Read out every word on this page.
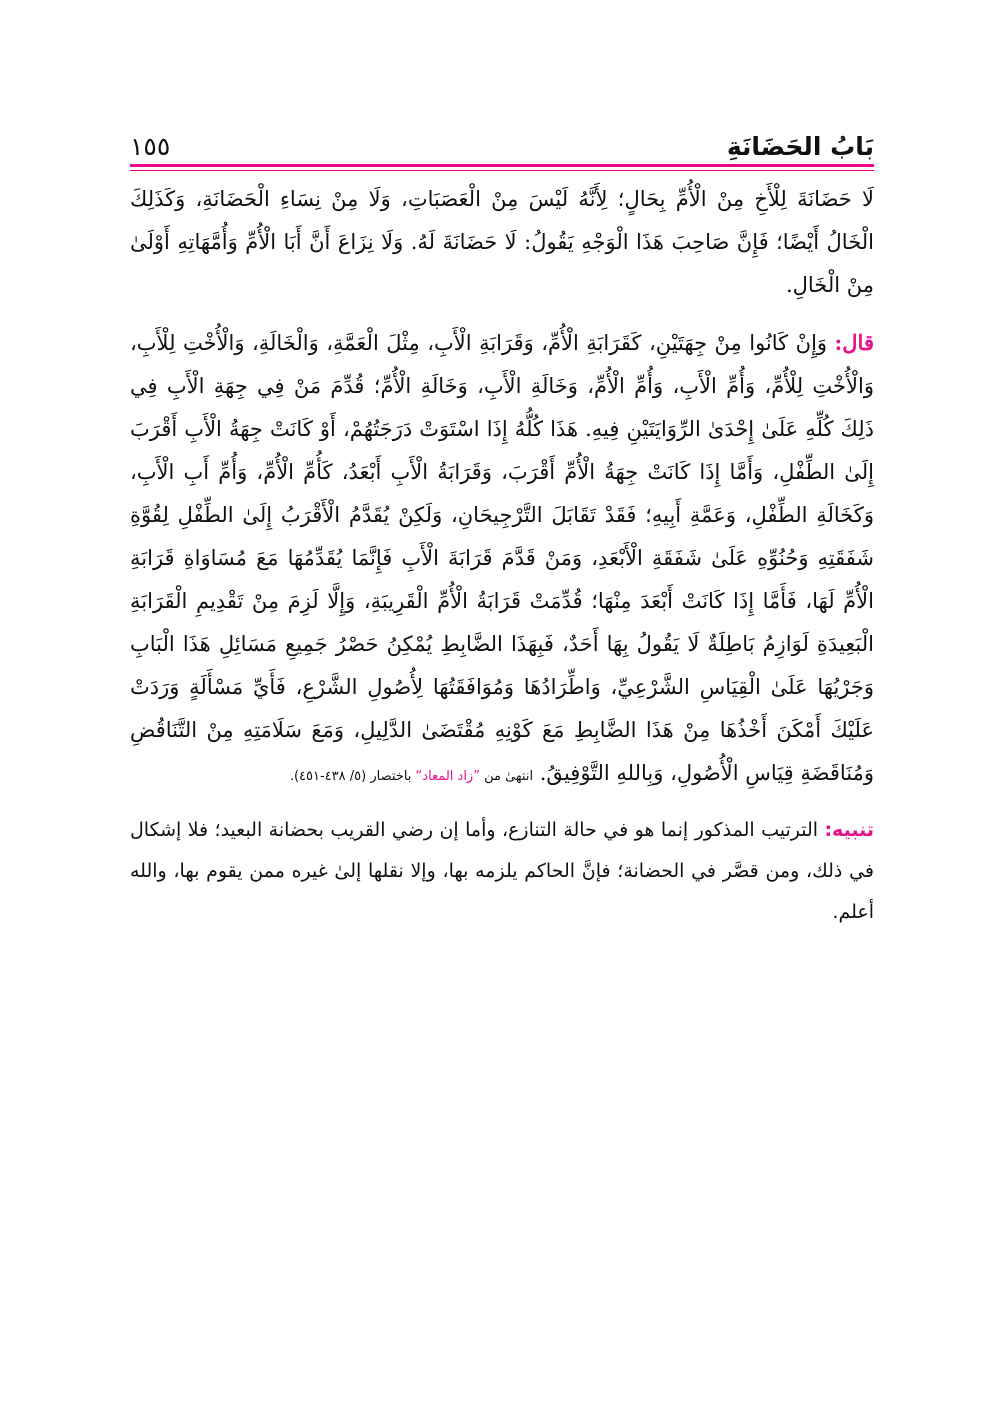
بَابُ الحَضَانَةِ
١٥٥

لَا حَضَانَةَ لِلْأَخِ مِنْ الْأُمِّ بِحَالٍ؛ لِأَنَّهُ لَيْسَ مِنْ الْعَصَبَاتِ، وَلَا مِنْ نِسَاءِ الْحَضَانَةِ، وَكَذَلِكَ الْخَالُ أَيْضًا؛ فَإِنَّ صَاحِبَ هَذَا الْوَجْهِ يَقُولُ: لَا حَضَانَةَ لَهُ. وَلَا نِزَاعَ أَنَّ أَبَا الْأُمِّ وَأُمَّهَاتِهِ أَوْلَىٰ مِنْ الْخَالِ.

قال: وَإِنْ كَانُوا مِنْ جِهَتَيْنِ، كَقَرَابَةِ الْأُمِّ، وَقَرَابَةِ الْأَبِ، مِثْلَ الْعَمَّةِ، وَالْخَالَةِ، وَالْأُخْتِ لِلْأَبِ، وَالْأُخْتِ لِلْأُمِّ، وَأُمِّ الْأَبِ، وَأُمِّ الْأُمِّ، وَخَالَةِ الْأَبِ، وَخَالَةِ الْأُمِّ؛ قُدِّمَ مَنْ فِي جِهَةِ الْأَبِ فِي ذَلِكَ كُلِّهِ عَلَىٰ إِحْدَىٰ الرِّوَايَتَيْنِ فِيهِ. هَذَا كُلُّهُ إِذَا اسْتَوَتْ دَرَجَتُهُمْ، أَوْ كَانَتْ جِهَةُ الْأَبِ أَقْرَبَ إِلَىٰ الطِّفْلِ، وَأَمَّا إِذَا كَانَتْ جِهَةُ الْأُمِّ أَقْرَبَ، وَقَرَابَةُ الْأَبِ أَبْعَدُ، كَأُمِّ الْأُمِّ، وَأُمِّ أَبِ الْأَبِ، وَكَخَالَةِ الطِّفْلِ، وَعَمَّةِ أَبِيهِ؛ فَقَدْ تَقَابَلَ التَّرْجِيحَانِ، وَلَكِنْ يُقَدَّمُ الْأَقْرَبُ إِلَىٰ الطِّفْلِ لِقُوَّةِ شَفَقَتِهِ وَحُنُوِّهِ عَلَىٰ شَفَقَةِ الْأَبْعَدِ، وَمَنْ قَدَّمَ قَرَابَةَ الْأَبِ فَإِنَّمَا يُقَدِّمُهَا مَعَ مُسَاوَاةِ قَرَابَةِ الْأُمِّ لَهَا، فَأَمَّا إِذَا كَانَتْ أَبْعَدَ مِنْهَا؛ قُدِّمَتْ قَرَابَةُ الْأُمِّ الْقَرِيبَةِ، وَإِلَّا لَزِمَ مِنْ تَقْدِيمِ الْقَرَابَةِ الْبَعِيدَةِ لَوَازِمُ بَاطِلَةٌ لَا يَقُولُ بِهَا أَحَدٌ، فَبِهَذَا الضَّابِطِ يُمْكِنُ حَصْرُ جَمِيعِ مَسَائِلِ هَذَا الْبَابِ وَجَرْيُهَا عَلَىٰ الْقِيَاسِ الشَّرْعِيِّ، وَاطِّرَادُهَا وَمُوَافَقَتُهَا لِأُصُولِ الشَّرْعِ، فَأَيِّ مَسْأَلَةٍ وَرَدَتْ عَلَيْكَ أَمْكَنَ أَخْذُهَا مِنْ هَذَا الضَّابِطِ مَعَ كَوْنِهِ مُقْتَضَىٰ الدَّلِيلِ، وَمَعَ سَلَامَتِهِ مِنْ التَّنَاقُضِ وَمُنَاقَضَةِ قِيَاسِ الْأُصُولِ، وَبِاللهِ التَّوْفِيقُ. انتهىٰ من ”زاد المعاد“ باختصار (٥/ ٤٣٨-٤٥١).

تنبيه: الترتيب المذكور إنما هو في حالة التنازع، وأما إن رضي القريب بحضانة البعيد؛ فلا إشكال في ذلك، ومن قصَّر في الحضانة؛ فإنَّ الحاكم يلزمه بها، وإلا نقلها إلىٰ غيره ممن يقوم بها، والله أعلم.
